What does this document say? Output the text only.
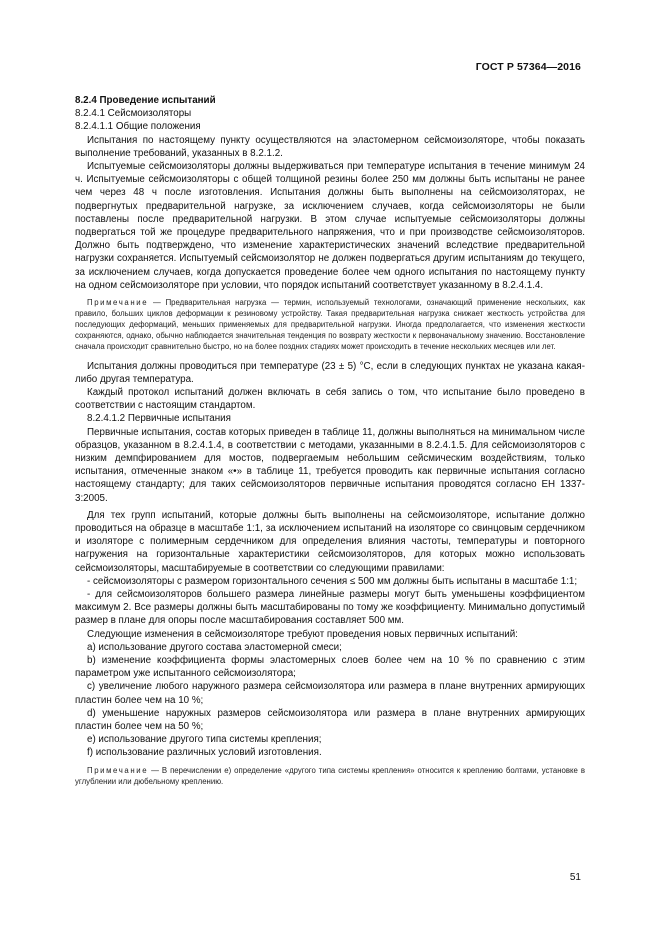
ГОСТ Р 57364—2016

8.2.4 Проведение испытаний

8.2.4.1 Сейсмоизоляторы

8.2.4.1.1 Общие положения

Испытания по настоящему пункту осуществляются на эластомерном сейсмоизоляторе, чтобы показать выполнение требований, указанных в 8.2.1.2.

Испытуемые сейсмоизоляторы должны выдерживаться при температуре испытания в течение минимум 24 ч. Испытуемые сейсмоизоляторы с общей толщиной резины более 250 мм должны быть испытаны не ранее чем через 48 ч после изготовления. Испытания должны быть выполнены на сейсмоизоляторах, не подвергнутых предварительной нагрузке, за исключением случаев, когда сейсмоизоляторы не были поставлены после предварительной нагрузки. В этом случае испытуемые сейсмоизоляторы должны подвергаться той же процедуре предварительного напряжения, что и при производстве сейсмоизоляторов. Должно быть подтверждено, что изменение характеристических значений вследствие предварительной нагрузки сохраняется. Испытуемый сейсмоизолятор не должен подвергаться другим испытаниям до текущего, за исключением случаев, когда допускается проведение более чем одного испытания по настоящему пункту на одном сейсмоизоляторе при условии, что порядок испытаний соответствует указанному в 8.2.4.1.4.

Примечание — Предварительная нагрузка — термин, используемый технологами, означающий применение нескольких, как правило, больших циклов деформации к резиновому устройству. Такая предварительная нагрузка снижает жесткость устройства для последующих деформаций, меньших применяемых для предварительной нагрузки. Иногда предполагается, что изменения жесткости сохраняются, однако, обычно наблюдается значительная тенденция по возврату жесткости к первоначальному значению. Восстановление сначала происходит сравнительно быстро, но на более поздних стадиях может происходить в течение нескольких месяцев или лет.

Испытания должны проводиться при температуре (23 ± 5) °С, если в следующих пунктах не указана какая-либо другая температура.

Каждый протокол испытаний должен включать в себя запись о том, что испытание было проведено в соответствии с настоящим стандартом.

8.2.4.1.2 Первичные испытания

Первичные испытания, состав которых приведен в таблице 11, должны выполняться на минимальном числе образцов, указанном в 8.2.4.1.4, в соответствии с методами, указанными в 8.2.4.1.5. Для сейсмоизоляторов с низким демпфированием для мостов, подвергаемым небольшим сейсмическим воздействиям, только испытания, отмеченные знаком «•» в таблице 11, требуется проводить как первичные испытания согласно настоящему стандарту; для таких сейсмоизоляторов первичные испытания проводятся согласно ЕН 1337-3:2005.

Для тех групп испытаний, которые должны быть выполнены на сейсмоизоляторе, испытание должно проводиться на образце в масштабе 1:1, за исключением испытаний на изоляторе со свинцовым сердечником и изоляторе с полимерным сердечником для определения влияния частоты, температуры и повторного нагружения на горизонтальные характеристики сейсмоизоляторов, для которых можно использовать сейсмоизоляторы, масштабируемые в соответствии со следующими правилами:

- сейсмоизоляторы с размером горизонтального сечения ≤ 500 мм должны быть испытаны в масштабе 1:1;

- для сейсмоизоляторов большего размера линейные размеры могут быть уменьшены коэффициентом максимум 2. Все размеры должны быть масштабированы по тому же коэффициенту. Минимально допустимый размер в плане для опоры после масштабирования составляет 500 мм.

Следующие изменения в сейсмоизоляторе требуют проведения новых первичных испытаний:

а) использование другого состава эластомерной смеси;

b) изменение коэффициента формы эластомерных слоев более чем на 10 % по сравнению с этим параметром уже испытанного сейсмоизолятора;

c) увеличение любого наружного размера сейсмоизолятора или размера в плане внутренних армирующих пластин более чем на 10 %;

d) уменьшение наружных размеров сейсмоизолятора или размера в плане внутренних армирующих пластин более чем на 50 %;

e) использование другого типа системы крепления;

f) использование различных условий изготовления.

Примечание — В перечислении e) определение «другого типа системы крепления» относится к креплению болтами, установке в углублении или дюбельному креплению.

51
